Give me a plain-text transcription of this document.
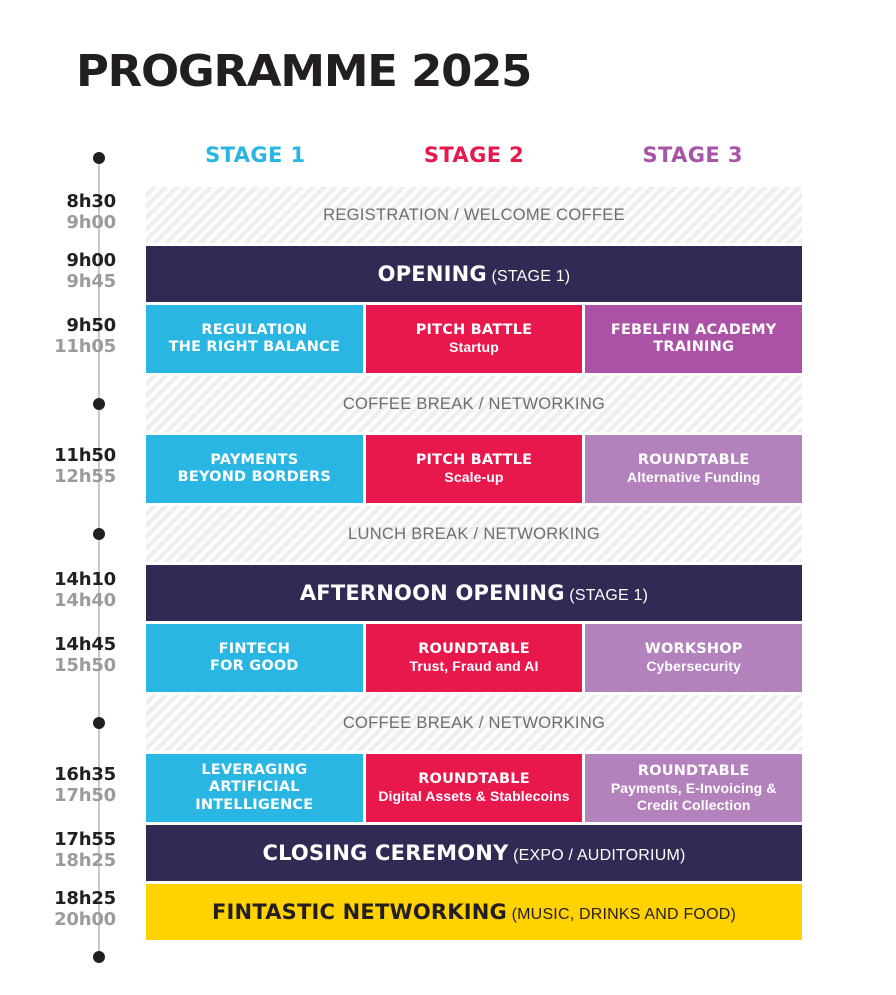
PROGRAMME 2025
STAGE 1	STAGE 2	STAGE 3
8h30
9h00
9h00
9h45
9h50
11h05
11h50
12h55
14h10
14h40
14h45
15h50
16h35
17h50
17h55
18h25
18h25
20h00
REGISTRATION / WELCOME COFFEE
OPENING (STAGE 1)
REGULATION
THE RIGHT BALANCE
PITCH BATTLE
Startup
FEBELFIN ACADEMY
TRAINING
COFFEE BREAK / NETWORKING
PAYMENTS
BEYOND BORDERS
PITCH BATTLE
Scale-up
ROUNDTABLE
Alternative Funding
LUNCH BREAK / NETWORKING
AFTERNOON OPENING (STAGE 1)
FINTECH
FOR GOOD
ROUNDTABLE
Trust, Fraud and AI
WORKSHOP
Cybersecurity
COFFEE BREAK / NETWORKING
LEVERAGING
ARTIFICIAL INTELLIGENCE
ROUNDTABLE
Digital Assets & Stablecoins
ROUNDTABLE
Payments, E-Invoicing & Credit Collection
CLOSING CEREMONY (EXPO / AUDITORIUM)
FINTASTIC NETWORKING (MUSIC, DRINKS AND FOOD)
